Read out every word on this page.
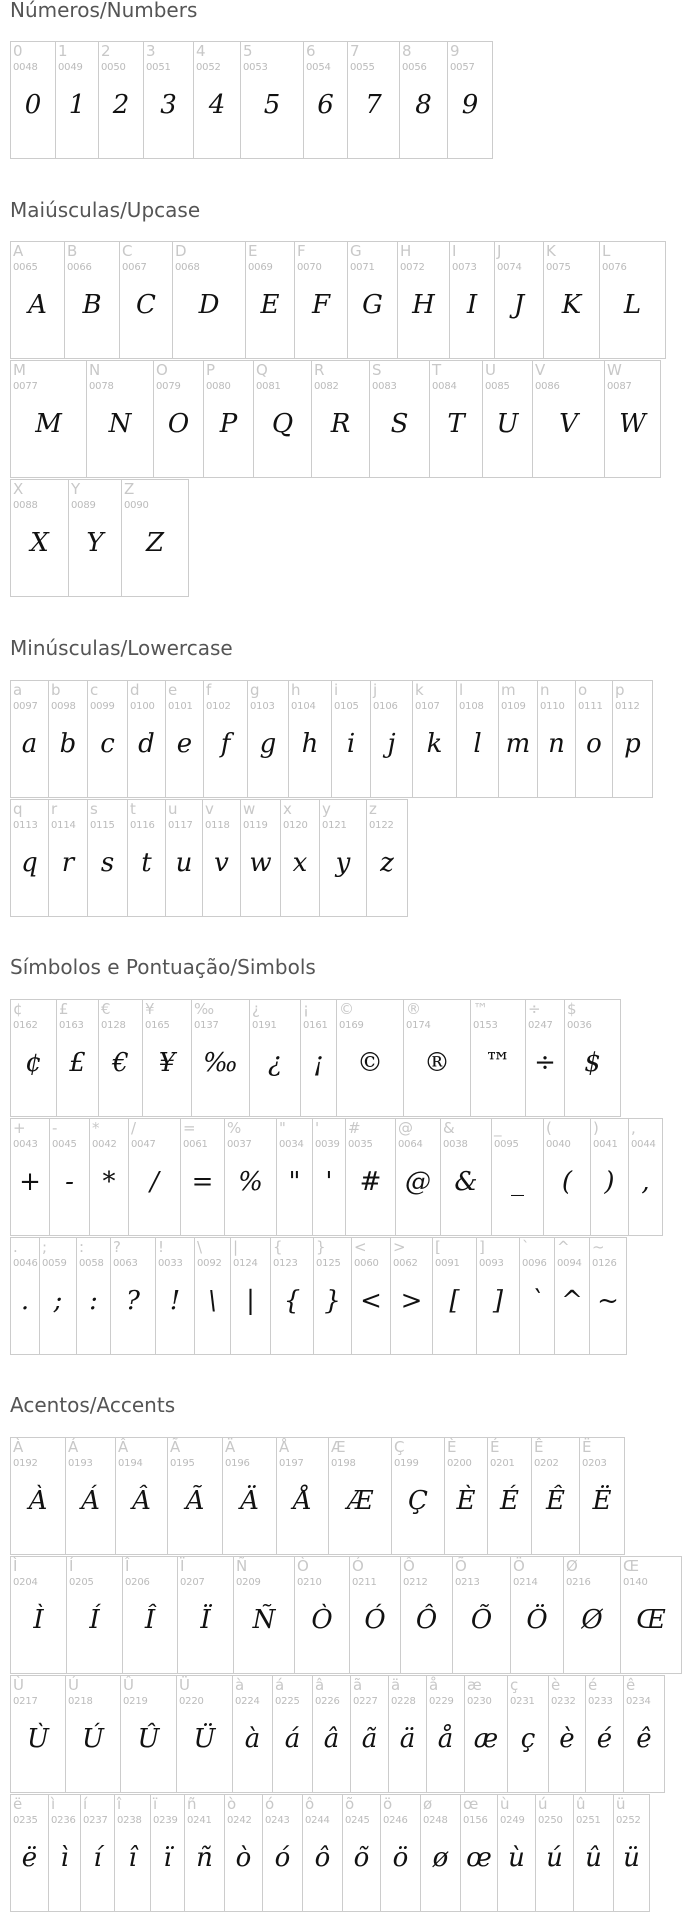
Números/Numbers
0
0048
0
1
0049
1
2
0050
2
3
0051
3
4
0052
4
5
0053
5
6
0054
6
7
0055
7
8
0056
8
9
0057
9
Maiúsculas/Upcase
A
0065
A
B
0066
B
C
0067
C
D
0068
D
E
0069
E
F
0070
F
G
0071
G
H
0072
H
I
0073
I
J
0074
J
K
0075
K
L
0076
L
M
0077
M
N
0078
N
O
0079
O
P
0080
P
Q
0081
Q
R
0082
R
S
0083
S
T
0084
T
U
0085
U
V
0086
V
W
0087
W
X
0088
X
Y
0089
Y
Z
0090
Z
Minúsculas/Lowercase
a
0097
a
b
0098
b
c
0099
c
d
0100
d
e
0101
e
f
0102
f
g
0103
g
h
0104
h
i
0105
i
j
0106
j
k
0107
k
l
0108
l
m
0109
m
n
0110
n
o
0111
o
p
0112
p
q
0113
q
r
0114
r
s
0115
s
t
0116
t
u
0117
u
v
0118
v
w
0119
w
x
0120
x
y
0121
y
z
0122
z
Símbolos e Pontuação/Simbols
¢
0162
¢
£
0163
£
€
0128
€
¥
0165
¥
‰
0137
‰
¿
0191
¿
¡
0161
¡
©
0169
©
®
0174
®
™
0153
™
÷
0247
÷
$
0036
$
+
0043
+
-
0045
-
*
0042
*
/
0047
/
=
0061
=
%
0037
%
"
0034
"
'
0039
'
#
0035
#
@
0064
@
&
0038
&
_
0095
_
(
0040
(
)
0041
)
,
0044
,
.
0046
.
;
0059
;
:
0058
:
?
0063
?
!
0033
!
\
0092
\
|
0124
|
{
0123
{
}
0125
}
<
0060
<
>
0062
>
[
0091
[
]
0093
]
`
0096
`
^
0094
^
~
0126
~
Acentos/Accents
À
0192
À
Á
0193
Á
Â
0194
Â
Ã
0195
Ã
Ä
0196
Ä
Å
0197
Å
Æ
0198
Æ
Ç
0199
Ç
È
0200
È
É
0201
É
Ê
0202
Ê
Ë
0203
Ë
Ì
0204
Ì
Í
0205
Í
Î
0206
Î
Ï
0207
Ï
Ñ
0209
Ñ
Ò
0210
Ò
Ó
0211
Ó
Ô
0212
Ô
Õ
0213
Õ
Ö
0214
Ö
Ø
0216
Ø
Œ
0140
Œ
Ù
0217
Ù
Ú
0218
Ú
Û
0219
Û
Ü
0220
Ü
à
0224
à
á
0225
á
â
0226
â
ã
0227
ã
ä
0228
ä
å
0229
å
æ
0230
æ
ç
0231
ç
è
0232
è
é
0233
é
ê
0234
ê
ë
0235
ë
ì
0236
ì
í
0237
í
î
0238
î
ï
0239
ï
ñ
0241
ñ
ò
0242
ò
ó
0243
ó
ô
0244
ô
õ
0245
õ
ö
0246
ö
ø
0248
ø
œ
0156
œ
ù
0249
ù
ú
0250
ú
û
0251
û
ü
0252
ü
